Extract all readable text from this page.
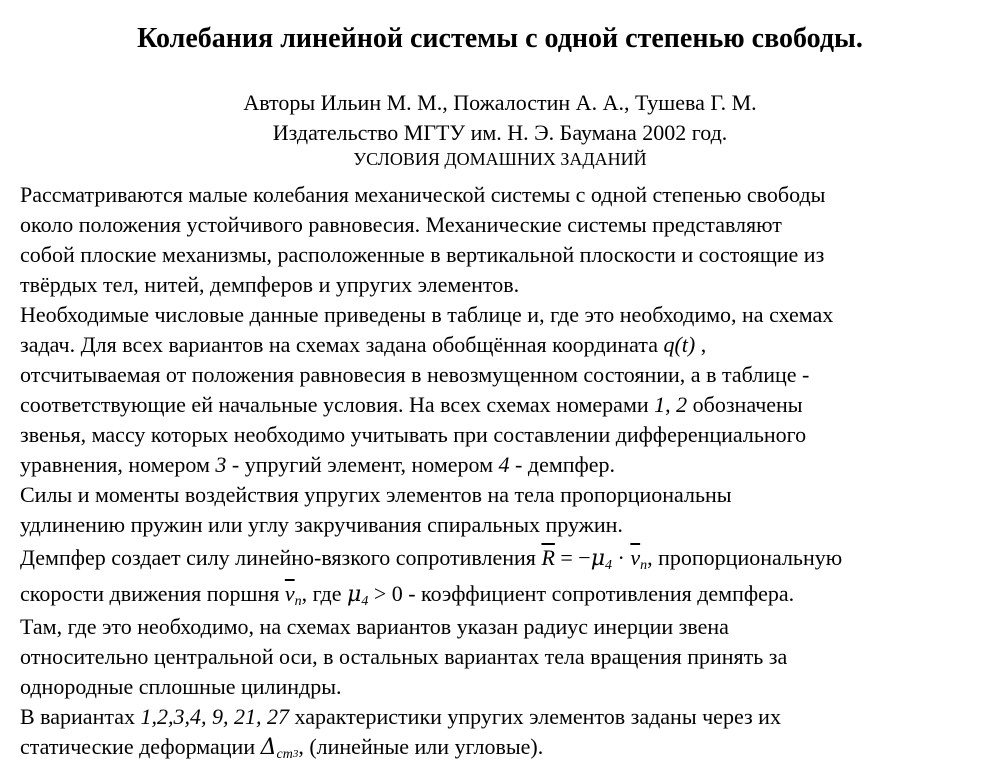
Колебания линейной системы с одной степенью свободы.
Авторы Ильин М. М., Пожалостин А. А., Тушева Г. М.
Издательство МГТУ им. Н. Э. Баумана 2002 год.
УСЛОВИЯ ДОМАШНИХ ЗАДАНИЙ

Рассматриваются малые колебания механической системы с одной степенью свободы
около положения устойчивого равновесия. Механические системы представляют
собой плоские механизмы, расположенные в вертикальной плоскости и состоящие из
твёрдых тел, нитей, демпферов и упругих элементов.

Необходимые числовые данные приведены в таблице и, где это необходимо, на схемах
задач. Для всех вариантов на схемах задана обобщённая координата q(t) ,
отсчитываемая от положения равновесия в невозмущенном состоянии, а в таблице -
соответствующие ей начальные условия. На всех схемах номерами 1, 2 обозначены
звенья, массу которых необходимо учитывать при составлении дифференциального
уравнения, номером 3 - упругий элемент, номером 4 - демпфер.

Силы и моменты воздействия упругих элементов на тела пропорциональны
удлинению пружин или углу закручивания спиральных пружин.

Демпфер создает силу линейно-вязкого сопротивления $\overline{R} = -\mu_4 \cdot \overline{v}_n$, пропорциональную
скорости движения поршня $\overline{v}_n$, где $\mu_4 > 0$ - коэффициент сопротивления демпфера.

Там, где это необходимо, на схемах вариантов указан радиус инерции звена
относительно центральной оси, в остальных вариантах тела вращения принять за
однородные сплошные цилиндры.

В вариантах 1,2,3,4, 9, 21, 27 характеристики упругих элементов заданы через их
статические деформации $\Delta_{ст}3$, (линейные или угловые).
